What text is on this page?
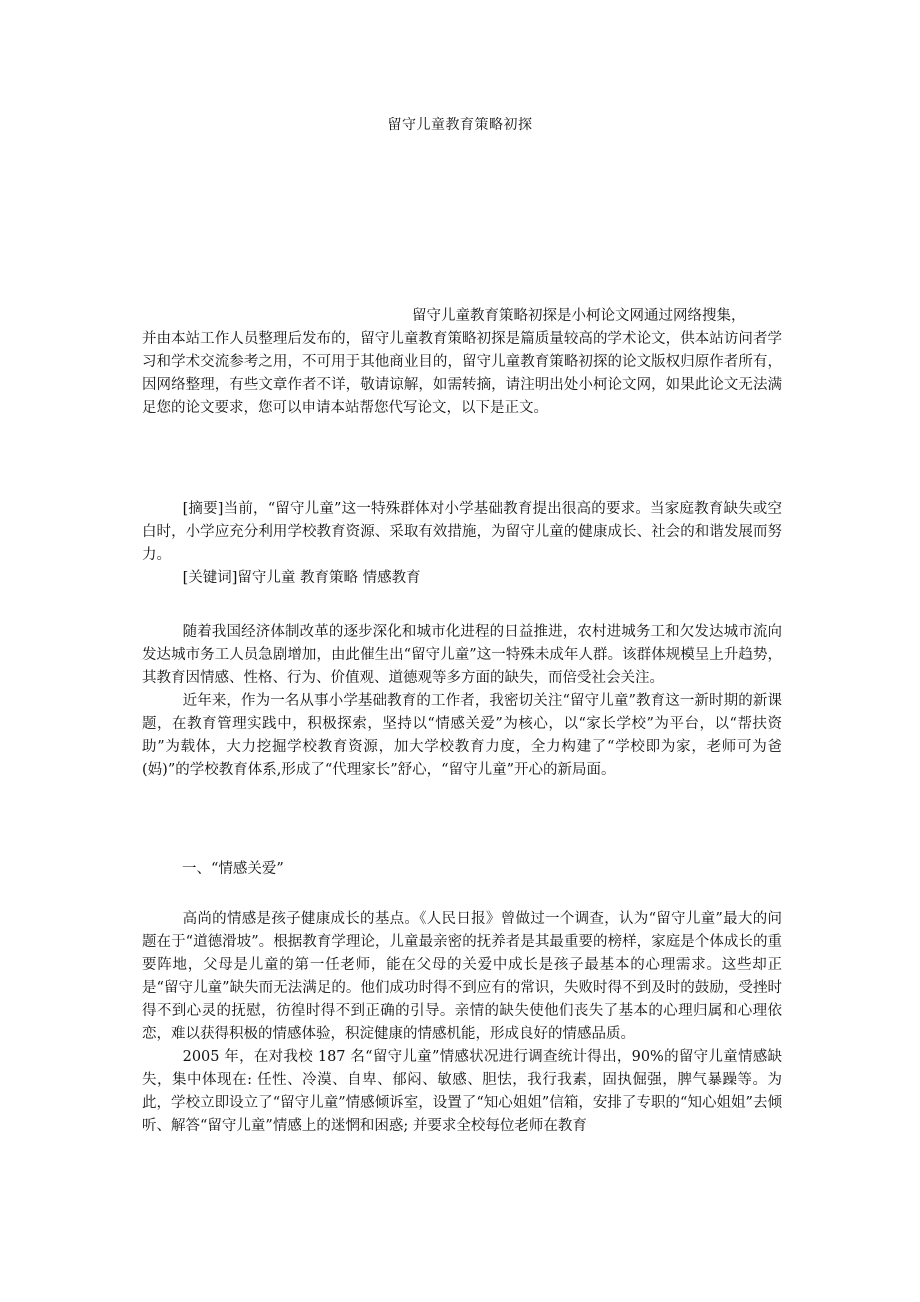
留守儿童教育策略初探

留守儿童教育策略初探是小柯论文网通过网络搜集，

并由本站工作人员整理后发布的，留守儿童教育策略初探是篇质量较高的学术论文，供本站访问者学习和学术交流参考之用，不可用于其他商业目的，留守儿童教育策略初探的论文版权归原作者所有，因网络整理，有些文章作者不详，敬请谅解，如需转摘，请注明出处小柯论文网，如果此论文无法满足您的论文要求，您可以申请本站帮您代写论文，以下是正文。

[摘要]当前，“留守儿童”这一特殊群体对小学基础教育提出很高的要求。当家庭教育缺失或空白时，小学应充分利用学校教育资源、采取有效措施，为留守儿童的健康成长、社会的和谐发展而努力。

[关键词]留守儿童 教育策略 情感教育

随着我国经济体制改革的逐步深化和城市化进程的日益推进，农村进城务工和欠发达城市流向发达城市务工人员急剧增加，由此催生出“留守儿童”这一特殊未成年人群。该群体规模呈上升趋势，其教育因情感、性格、行为、价值观、道德观等多方面的缺失，而倍受社会关注。

近年来，作为一名从事小学基础教育的工作者，我密切关注“留守儿童”教育这一新时期的新课题，在教育管理实践中，积极探索，坚持以“情感关爱”为核心，以“家长学校”为平台，以“帮扶资助”为载体，大力挖掘学校教育资源，加大学校教育力度，全力构建了“学校即为家，老师可为爸(妈)”的学校教育体系,形成了“代理家长”舒心，“留守儿童”开心的新局面。

一、“情感关爱”

高尚的情感是孩子健康成长的基点。《人民日报》曾做过一个调查，认为“留守儿童”最大的问题在于“道德滑坡”。根据教育学理论，儿童最亲密的抚养者是其最重要的榜样，家庭是个体成长的重要阵地，父母是儿童的第一任老师，能在父母的关爱中成长是孩子最基本的心理需求。这些却正是“留守儿童”缺失而无法满足的。他们成功时得不到应有的常识，失败时得不到及时的鼓励，受挫时得不到心灵的抚慰，彷徨时得不到正确的引导。亲情的缺失使他们丧失了基本的心理归属和心理依恋，难以获得积极的情感体验，积淀健康的情感机能，形成良好的情感品质。

2005 年，在对我校 187 名“留守儿童”情感状况进行调查统计得出，90%的留守儿童情感缺失，集中体现在: 任性、冷漠、自卑、郁闷、敏感、胆怯，我行我素，固执倔强，脾气暴躁等。为此，学校立即设立了“留守儿童”情感倾诉室，设置了“知心姐姐”信箱，安排了专职的“知心姐姐”去倾听、解答“留守儿童”情感上的迷惘和困惑; 并要求全校每位老师在教育
